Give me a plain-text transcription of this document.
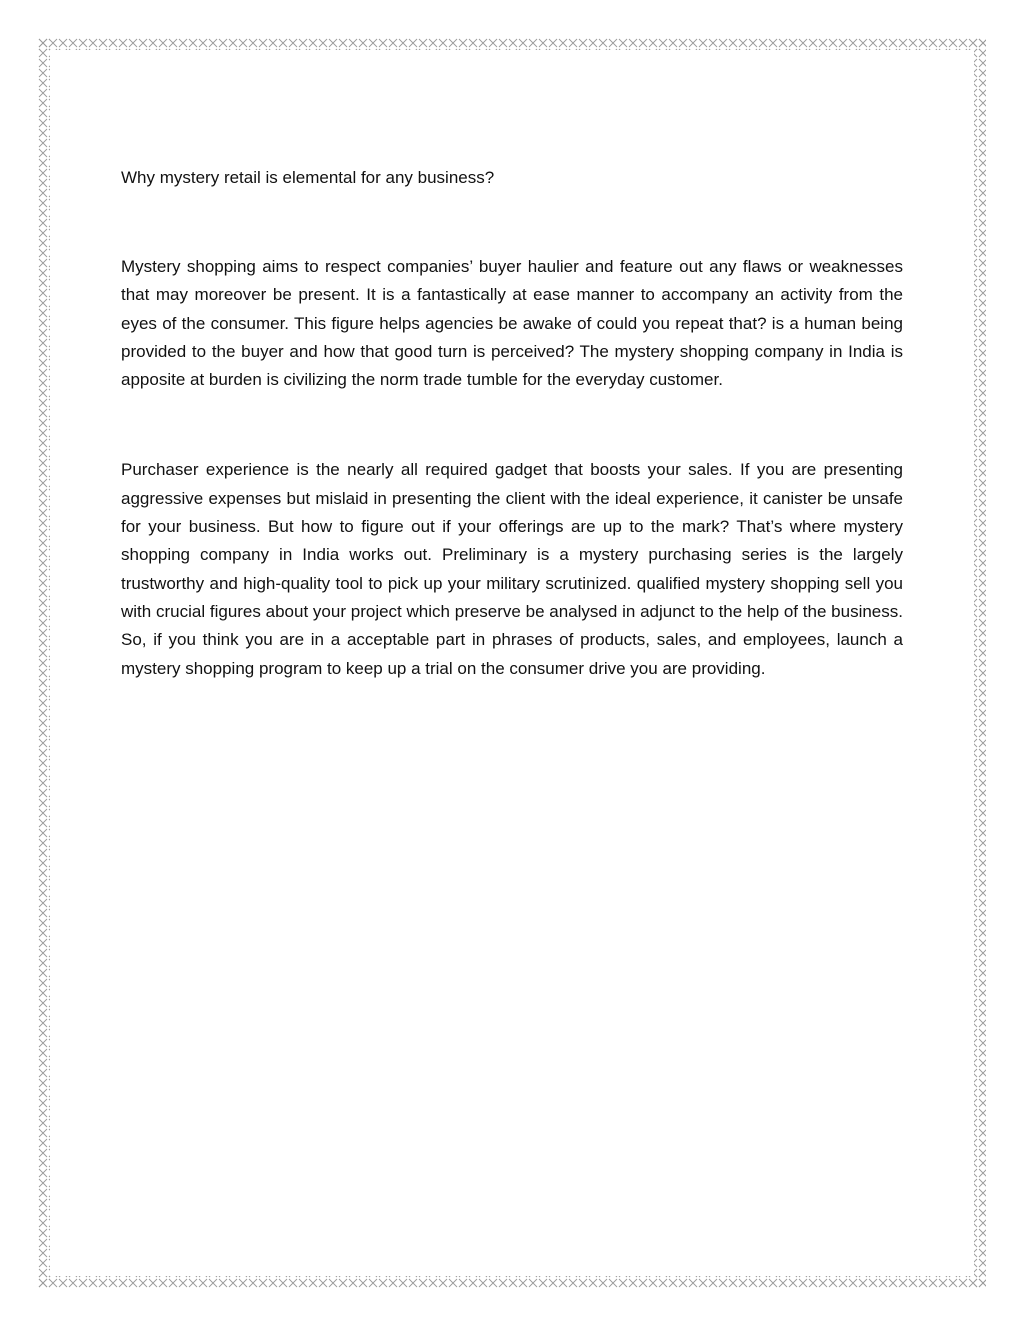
Why mystery retail is elemental for any business?

Mystery shopping aims to respect companies’ buyer haulier and feature out any flaws or weaknesses that may moreover be present. It is a fantastically at ease manner to accompany an activity from the eyes of the consumer. This figure helps agencies be awake of could you repeat that? is a human being provided to the buyer and how that good turn is perceived? The mystery shopping company in India is apposite at burden is civilizing the norm trade tumble for the everyday customer.

Purchaser experience is the nearly all required gadget that boosts your sales. If you are presenting aggressive expenses but mislaid in presenting the client with the ideal experience, it canister be unsafe for your business. But how to figure out if your offerings are up to the mark? That’s where mystery shopping company in India works out. Preliminary is a mystery purchasing series is the largely trustworthy and high-quality tool to pick up your military scrutinized. qualified mystery shopping sell you with crucial figures about your project which preserve be analysed in adjunct to the help of the business. So, if you think you are in a acceptable part in phrases of products, sales, and employees, launch a mystery shopping program to keep up a trial on the consumer drive you are providing.
